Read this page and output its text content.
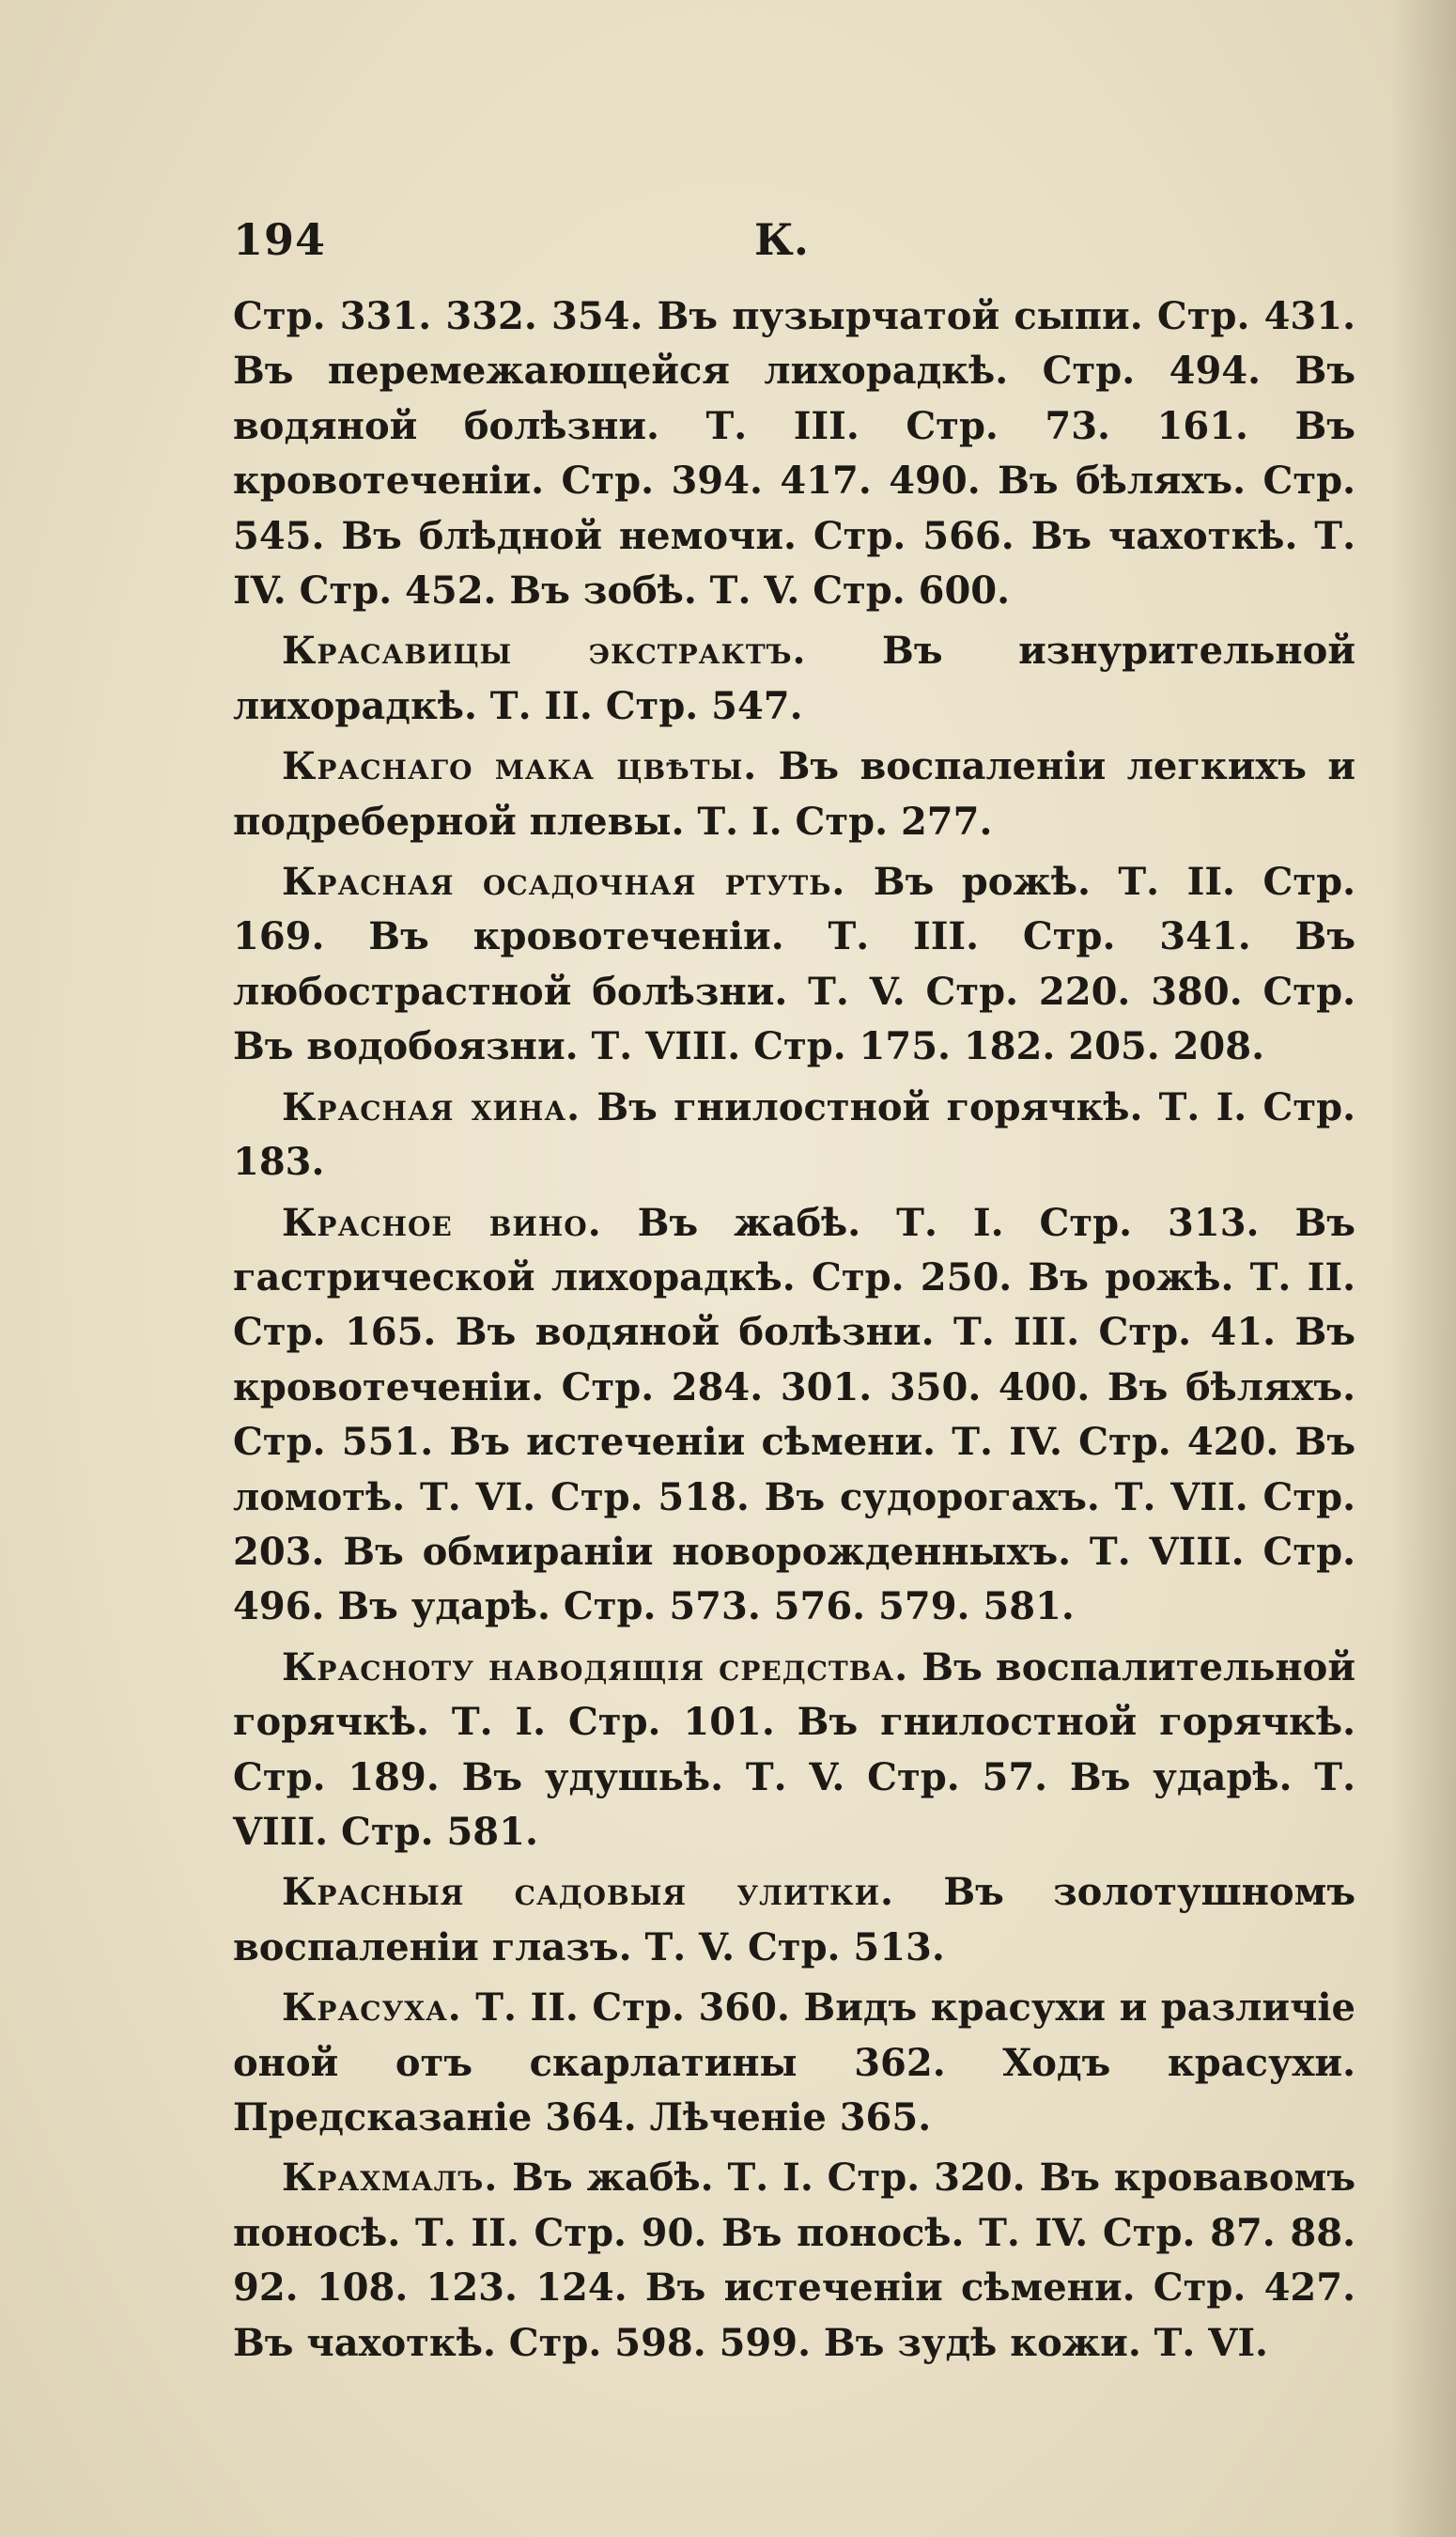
194	К.

Стр. 331. 332. 354. Въ пузырчатой сыпи. Стр. 431. Въ перемежающейся лихорадкѣ. Стр. 494. Въ водяной болѣзни. Т. III. Стр. 73. 161. Въ кровотеченіи. Стр. 394. 417. 490. Въ бѣляхъ. Стр. 545. Въ блѣдной немочи. Стр. 566. Въ чахоткѣ. Т. IV. Стр. 452. Въ зобѣ. Т. V. Стр. 600.

Красавицы экстрактъ. Въ изнурительной лихорадкѣ. Т. II. Стр. 547.

Краснаго мака цвѣты. Въ воспаленіи легкихъ и подреберной плевы. Т. I. Стр. 277.

Красная осадочная ртуть. Въ рожѣ. Т. II. Стр. 169. Въ кровотеченіи. Т. III. Стр. 341. Въ любострастной болѣзни. Т. V. Стр. 220. 380. Стр. Въ водобоязни. Т. VIII. Стр. 175. 182. 205. 208.

Красная хина. Въ гнилостной горячкѣ. Т. I. Стр. 183.

Красное вино. Въ жабѣ. Т. I. Стр. 313. Въ гастрической лихорадкѣ. Стр. 250. Въ рожѣ. Т. II. Стр. 165. Въ водяной болѣзни. Т. III. Стр. 41. Въ кровотеченіи. Стр. 284. 301. 350. 400. Въ бѣляхъ. Стр. 551. Въ истеченіи сѣмени. Т. IV. Стр. 420. Въ ломотѣ. Т. VI. Стр. 518. Въ судорогахъ. Т. VII. Стр. 203. Въ обмираніи новорожденныхъ. Т. VIII. Стр. 496. Въ ударѣ. Стр. 573. 576. 579. 581.

Красноту наводящія средства. Въ воспалительной горячкѣ. Т. I. Стр. 101. Въ гнилостной горячкѣ. Стр. 189. Въ удушьѣ. Т. V. Стр. 57. Въ ударѣ. Т. VIII. Стр. 581.

Красныя садовыя улитки. Въ золотушномъ воспаленіи глазъ. Т. V. Стр. 513.

Красуха. Т. II. Стр. 360. Видъ красухи и различіе оной отъ скарлатины 362. Ходъ красухи. Предсказаніе 364. Лѣченіе 365.

Крахмалъ. Въ жабѣ. Т. I. Стр. 320. Въ кровавомъ поносѣ. Т. II. Стр. 90. Въ поносѣ. Т. IV. Стр. 87. 88. 92. 108. 123. 124. Въ истеченіи сѣмени. Стр. 427. Въ чахоткѣ. Стр. 598. 599. Въ зудѣ кожи. Т. VI.
